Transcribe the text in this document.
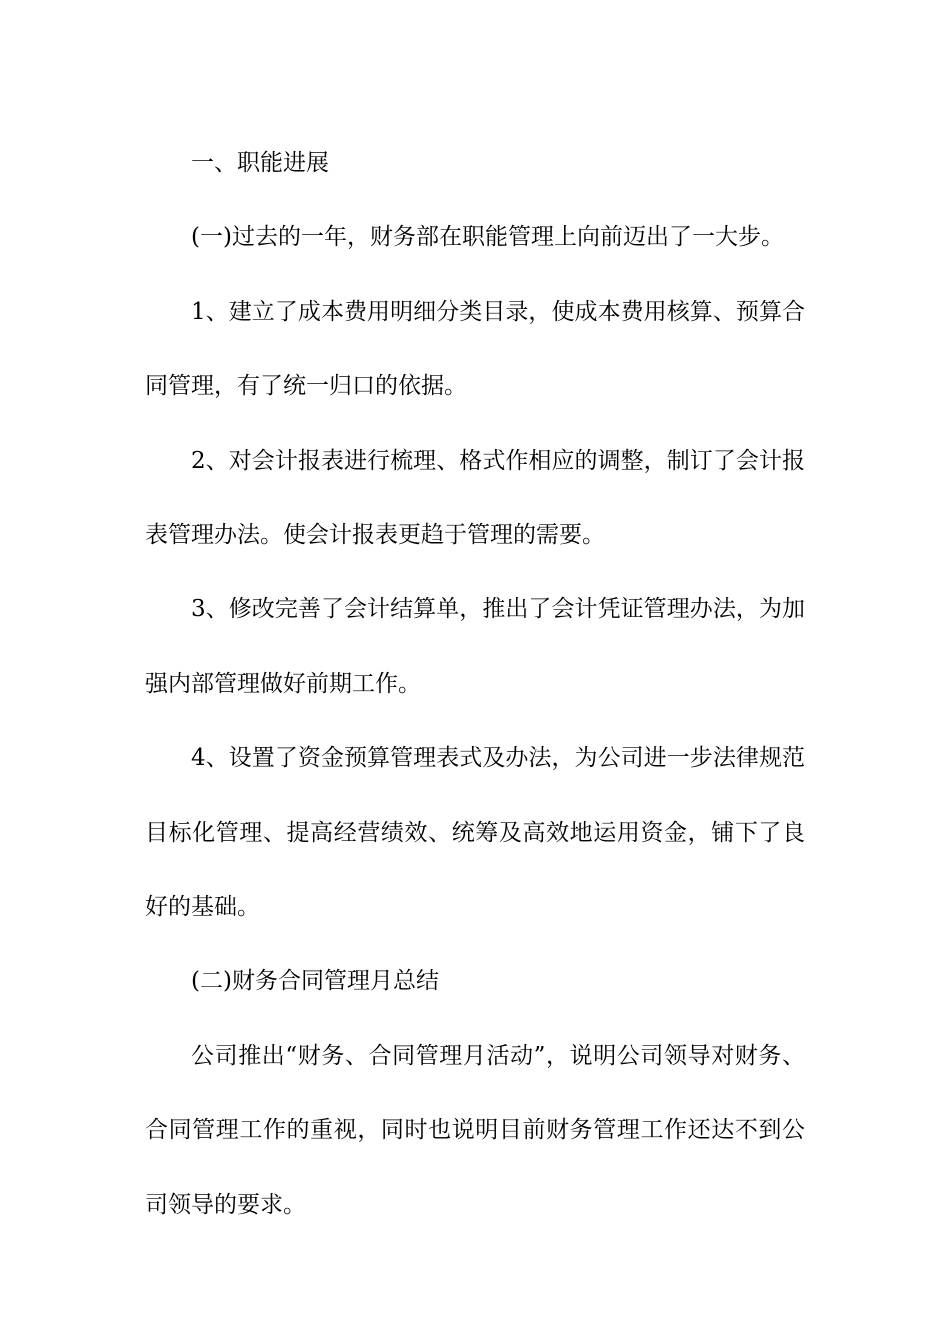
一、职能进展

(一)过去的一年，财务部在职能管理上向前迈出了一大步。

1、建立了成本费用明细分类目录，使成本费用核算、预算合同管理，有了统一归口的依据。

2、对会计报表进行梳理、格式作相应的调整，制订了会计报表管理办法。使会计报表更趋于管理的需要。

3、修改完善了会计结算单，推出了会计凭证管理办法，为加强内部管理做好前期工作。

4、设置了资金预算管理表式及办法，为公司进一步法律规范目标化管理、提高经营绩效、统筹及高效地运用资金，铺下了良好的基础。

(二)财务合同管理月总结

公司推出“财务、合同管理月活动”，说明公司领导对财务、合同管理工作的重视，同时也说明目前财务管理工作还达不到公司领导的要求。
